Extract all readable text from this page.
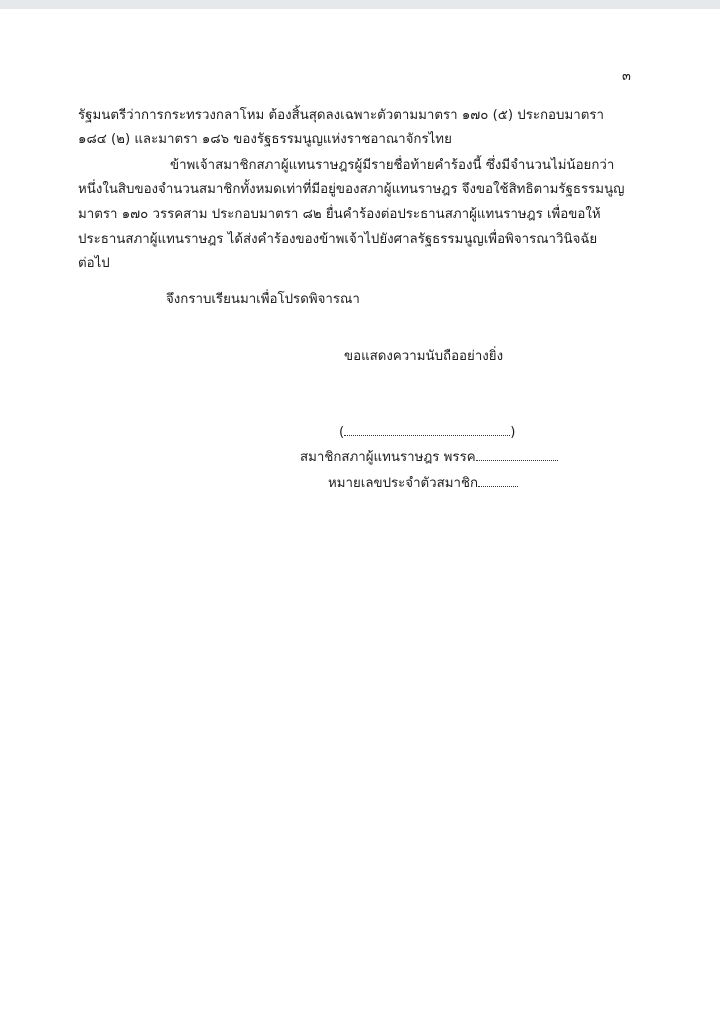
๓
รัฐมนตรีว่าการกระทรวงกลาโหม ต้องสิ้นสุดลงเฉพาะตัวตามมาตรา ๑๗๐ (๕) ประกอบมาตรา
๑๘๔ (๒) และมาตรา ๑๘๖ ของรัฐธรรมนูญแห่งราชอาณาจักรไทย
ข้าพเจ้าสมาชิกสภาผู้แทนราษฎรผู้มีรายชื่อท้ายคำร้องนี้ ซึ่งมีจำนวนไม่น้อยกว่า
หนึ่งในสิบของจำนวนสมาชิกทั้งหมดเท่าที่มีอยู่ของสภาผู้แทนราษฎร จึงขอใช้สิทธิตามรัฐธรรมนูญ
มาตรา ๑๗๐ วรรคสาม ประกอบมาตรา ๘๒ ยื่นคำร้องต่อประธานสภาผู้แทนราษฎร เพื่อขอให้
ประธานสภาผู้แทนราษฎร ได้ส่งคำร้องของข้าพเจ้าไปยังศาลรัฐธรรมนูญเพื่อพิจารณาวินิจฉัย
ต่อไป
จึงกราบเรียนมาเพื่อโปรดพิจารณา
ขอแสดงความนับถืออย่างยิ่ง
(	)
สมาชิกสภาผู้แทนราษฎร พรรค
หมายเลขประจำตัวสมาชิก
